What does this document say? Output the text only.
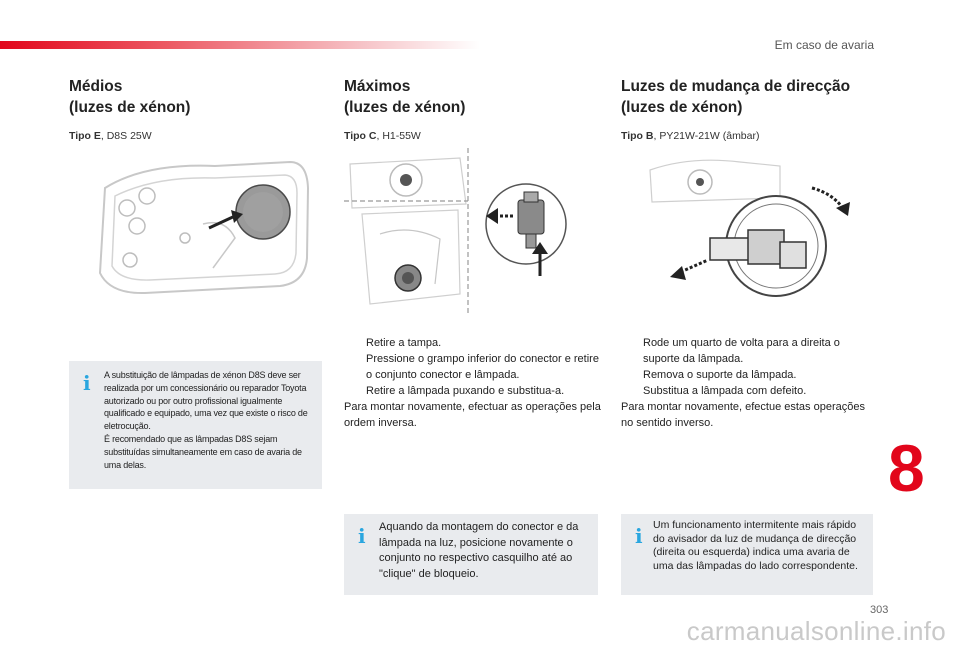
Em caso de avaria
Médios
(luzes de xénon)
Tipo E, D8S 25W
Máximos
(luzes de xénon)
Tipo C, H1-55W
Luzes de mudança de direcção
(luzes de xénon)
Tipo B, PY21W-21W (âmbar)
Retire a tampa.
Pressione o grampo inferior do conector e retire o conjunto conector e lâmpada.
Retire a lâmpada puxando e substitua-a.
Para montar novamente, efectuar as operações pela ordem inversa.
Rode um quarto de volta para a direita o suporte da lâmpada.
Remova o suporte da lâmpada.
Substitua a lâmpada com defeito.
Para montar novamente, efectue estas operações no sentido inverso.
i A substituição de lâmpadas de xénon D8S deve ser realizada por um concessionário ou reparador Toyota autorizado ou por outro profissional igualmente qualificado e equipado, uma vez que existe o risco de eletrocução.
É recomendado que as lâmpadas D8S sejam substituídas simultaneamente em caso de avaria de uma delas.
i Aquando da montagem do conector e da lâmpada na luz, posicione novamente o conjunto no respectivo casquilho até ao "clique" de bloqueio.
i Um funcionamento intermitente mais rápido do avisador da luz de mudança de direcção (direita ou esquerda) indica uma avaria de uma das lâmpadas do lado correspondente.
8
303
carmanualsonline.info
